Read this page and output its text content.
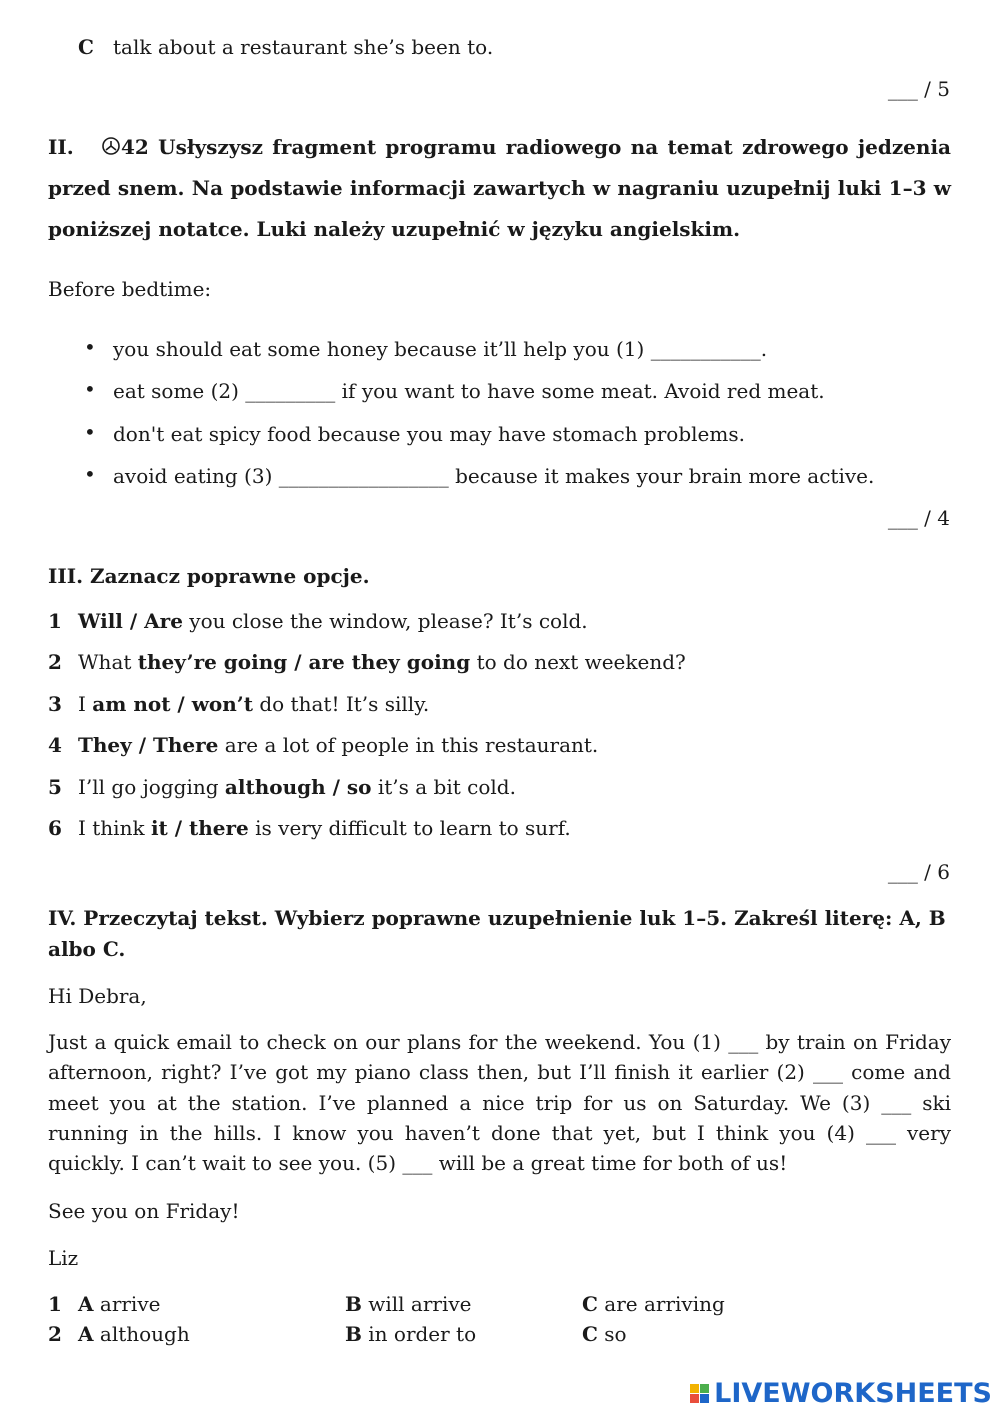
C talk about a restaurant she’s been to.
___ / 5
II. 42 Usłyszysz fragment programu radiowego na temat zdrowego jedzenia
przed snem. Na podstawie informacji zawartych w nagraniu uzupełnij luki 1–3 w
poniższej notatce. Luki należy uzupełnić w języku angielskim.
Before bedtime:
•
you should eat some honey because it’ll help you (1) ___________.
•
eat some (2) _________ if you want to have some meat. Avoid red meat.
•
don't eat spicy food because you may have stomach problems.
•
avoid eating (3) _________________ because it makes your brain more active.
___ / 4
III. Zaznacz poprawne opcje.
1 Will / Are you close the window, please? It’s cold.
2 What they’re going / are they going to do next weekend?
3 I am not / won’t do that! It’s silly.
4 They / There are a lot of people in this restaurant.
5 I’ll go jogging although / so it’s a bit cold.
6 I think it / there is very difficult to learn to surf.
___ / 6
IV. Przeczytaj tekst. Wybierz poprawne uzupełnienie luk 1–5. Zakreśl literę: A, B
albo C.
Hi Debra,
Just a quick email to check on our plans for the weekend. You (1) ___ by train on Friday afternoon, right? I’ve got my piano class then, but I’ll finish it earlier (2) ___ come and meet you at the station. I’ve planned a nice trip for us on Saturday. We (3) ___ ski running in the hills. I know you haven’t done that yet, but I think you (4) ___ very quickly. I can’t wait to see you. (5) ___ will be a great time for both of us!
See you on Friday!
Liz
1 A arrive	B will arrive	C are arriving
2 A although	B in order to	C so
LIVEWORKSHEETS
